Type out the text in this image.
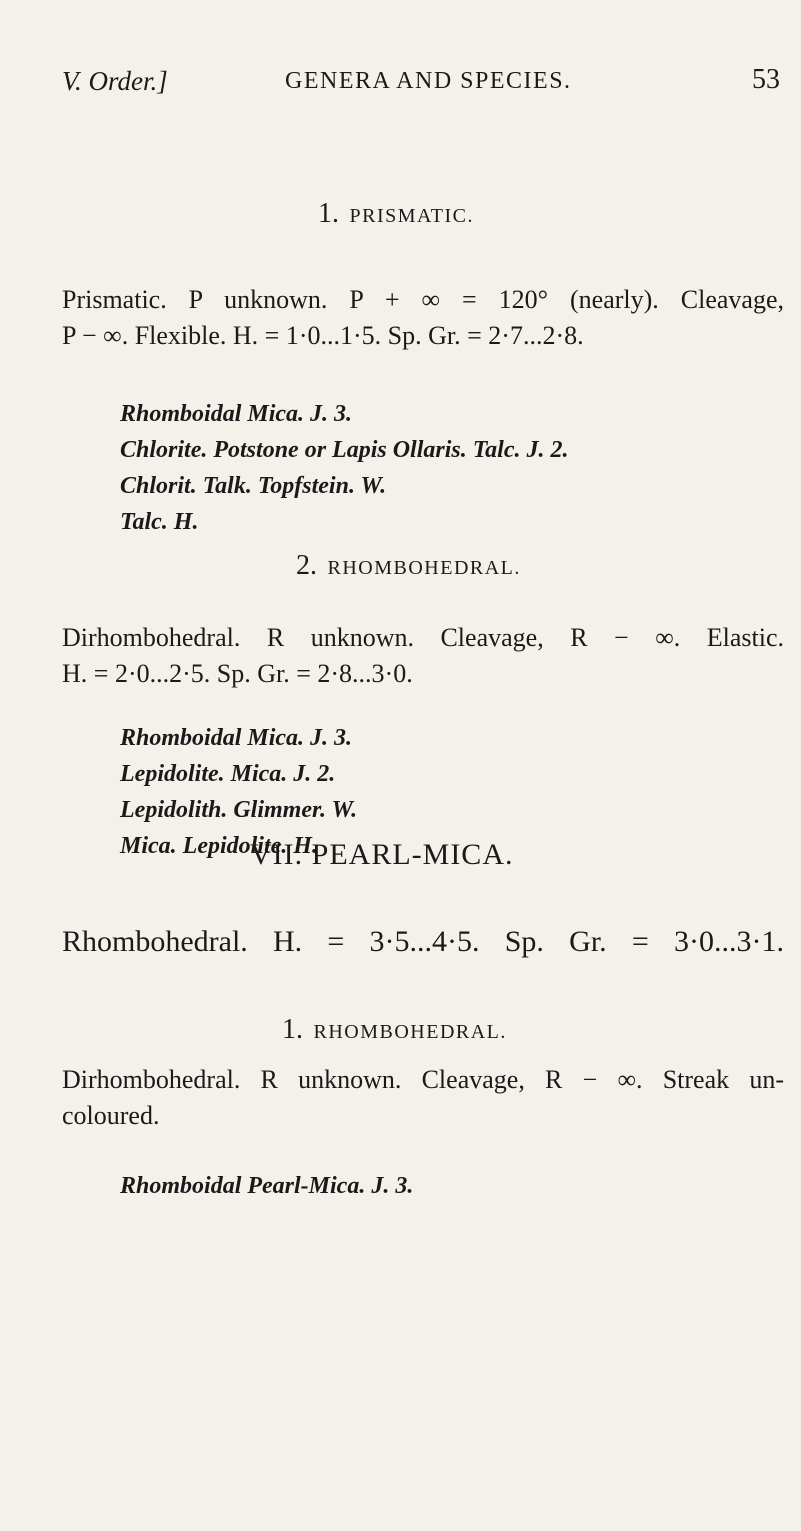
V. Order.]	GENERA AND SPECIES.	53
1. PRISMATIC.
Prismatic. P unknown. P + ∞ = 120° (nearly). Cleavage,
P − ∞. Flexible. H. = 1·0...1·5. Sp. Gr. = 2·7...2·8.
Rhomboidal Mica. J. 3.
Chlorite. Potstone or Lapis Ollaris. Talc. J. 2.
Chlorit. Talk. Topfstein. W.
Talc. H.
2. RHOMBOHEDRAL.
Dirhombohedral. R unknown. Cleavage, R − ∞. Elastic.
H. = 2·0...2·5. Sp. Gr. = 2·8...3·0.
Rhomboidal Mica. J. 3.
Lepidolite. Mica. J. 2.
Lepidolith. Glimmer. W.
Mica. Lepidolite. H.
VII. PEARL-MICA.
Rhombohedral. H. = 3·5...4·5. Sp. Gr. = 3·0...3·1.
1. RHOMBOHEDRAL.
Dirhombohedral. R unknown. Cleavage, R − ∞. Streak un-
coloured.
Rhomboidal Pearl-Mica. J. 3.
